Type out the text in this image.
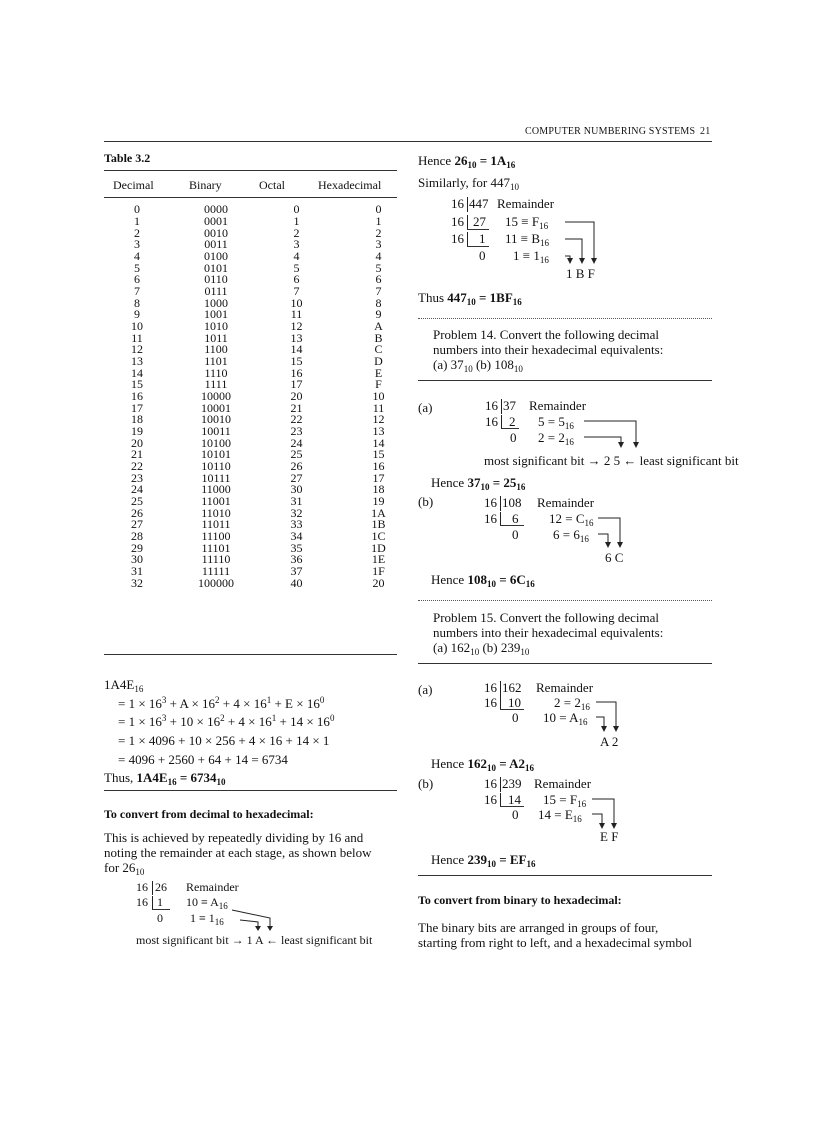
COMPUTER NUMBERING SYSTEMS 21
Table 3.2
Decimal	Binary	Octal	Hexadecimal
0	0000	0	0
1	0001	1	1
2	0010	2	2
3	0011	3	3
4	0100	4	4
5	0101	5	5
6	0110	6	6
7	0111	7	7
8	1000	10	8
9	1001	11	9
10	1010	12	A
11	1011	13	B
12	1100	14	C
13	1101	15	D
14	1110	16	E
15	1111	17	F
16	10000	20	10
17	10001	21	11
18	10010	22	12
19	10011	23	13
20	10100	24	14
21	10101	25	15
22	10110	26	16
23	10111	27	17
24	11000	30	18
25	11001	31	19
26	11010	32	1A
27	11011	33	1B
28	11100	34	1C
29	11101	35	1D
30	11110	36	1E
31	11111	37	1F
32	100000	40	20
$1A4E_{16}$
= $1 \times 16^3 + A \times 16^2 + 4 \times 16^1 + E \times 16^0$
= $1 \times 16^3 + 10 \times 16^2 + 4 \times 16^1 + 14 \times 16^0$
= 1 × 4096 + 10 × 256 + 4 × 16 + 14 × 1
= 4096 + 2560 + 64 + 14 = 6734
Thus, $1A4E_{16} = 6734_{10}$
To convert from decimal to hexadecimal:
This is achieved by repeatedly dividing by 16 and
noting the remainder at each stage, as shown below
for $26_{10}$
16 26 Remainder
16 1 $10 \equiv A_{16}$
0 $1 \equiv 1_{16}$
most significant bit → 1 A ← least significant bit
Hence $26_{10} = 1A_{16}$
Similarly, for $447_{10}$
16 447 Remainder
16 27 $15 \equiv F_{16}$
16 1 $11 \equiv B_{16}$
0 $1 \equiv 1_{16}$
1 B F
Thus $447_{10} = 1BF_{16}$
Problem 14. Convert the following decimal
numbers into their hexadecimal equivalents:
(a) $37_{10}$ (b) $108_{10}$
(a)	16 37 Remainder
16 2 $5 = 5_{16}$
0 $2 = 2_{16}$
most significant bit → 2 5 ← least significant bit
Hence $37_{10} = 25_{16}$
(b)	16 108 Remainder
16 6 $12 = C_{16}$
0	$6 = 6_{16}$
6 C
Hence $108_{10} = 6C_{16}$
Problem 15. Convert the following decimal
numbers into their hexadecimal equivalents:
(a) $162_{10}$ (b) $239_{10}$
(a)	16 162 Remainder
16 10	$2 = 2_{16}$
0 $10 = A_{16}$
A 2
Hence $162_{10} = A2_{16}$
(b)	16 239 Remainder
16 14 $15 = F_{16}$
0 $14 = E_{16}$
E F
Hence $239_{10} = EF_{16}$
To convert from binary to hexadecimal:
The binary bits are arranged in groups of four,
starting from right to left, and a hexadecimal symbol
